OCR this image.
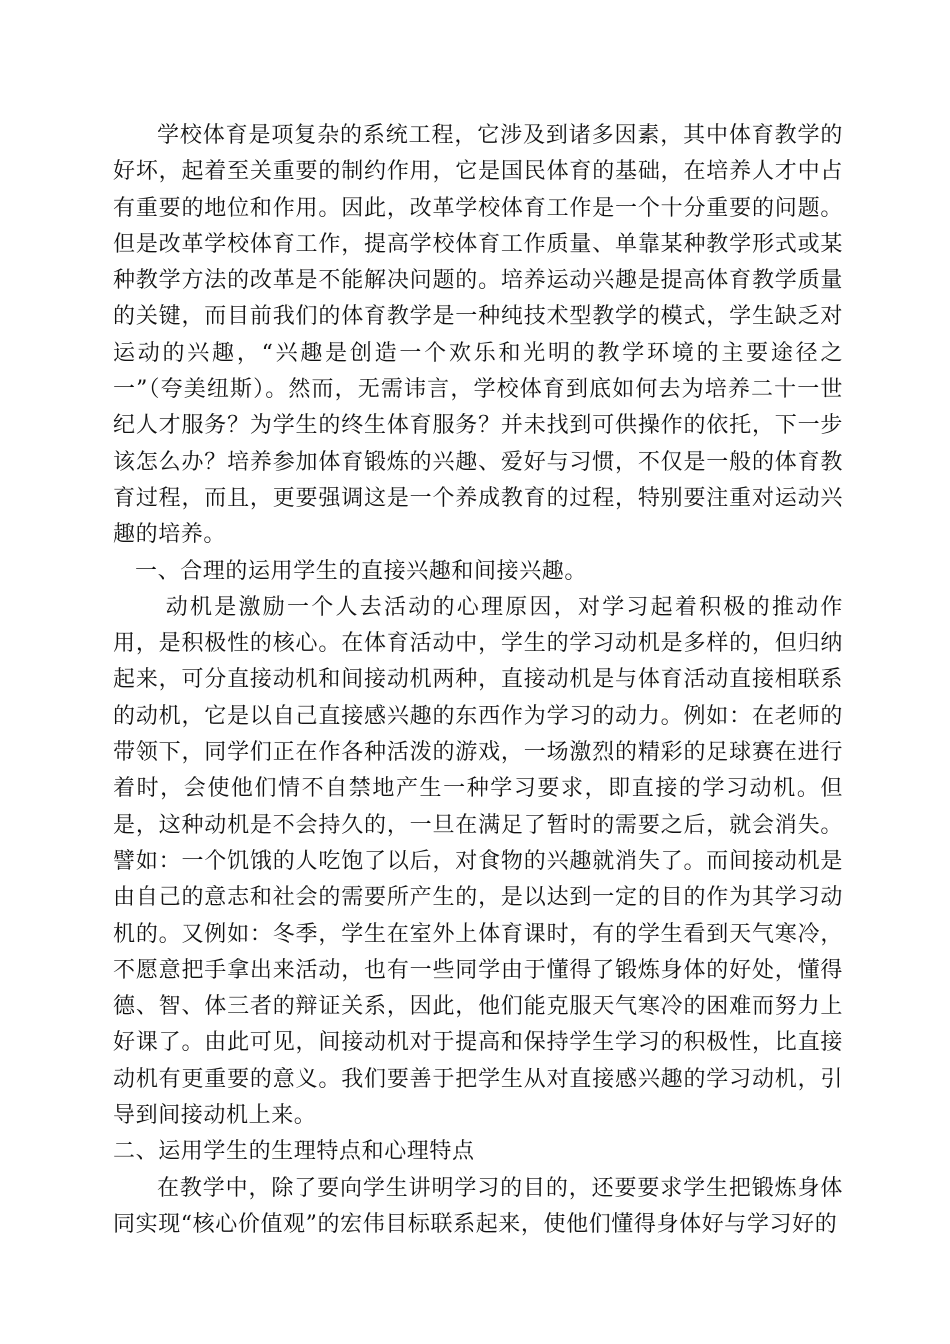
学校体育是项复杂的系统工程，它涉及到诸多因素，其中体育教学的好坏，起着至关重要的制约作用，它是国民体育的基础，在培养人才中占有重要的地位和作用。因此，改革学校体育工作是一个十分重要的问题。但是改革学校体育工作，提高学校体育工作质量、单靠某种教学形式或某种教学方法的改革是不能解决问题的。培养运动兴趣是提高体育教学质量的关键，而目前我们的体育教学是一种纯技术型教学的模式，学生缺乏对运动的兴趣，“兴趣是创造一个欢乐和光明的教学环境的主要途径之一”（夸美纽斯）。然而，无需讳言，学校体育到底如何去为培养二十一世纪人才服务？为学生的终生体育服务？并未找到可供操作的依托，下一步该怎么办？培养参加体育锻炼的兴趣、爱好与习惯，不仅是一般的体育教育过程，而且，更要强调这是一个养成教育的过程，特别要注重对运动兴趣的培养。

一、合理的运用学生的直接兴趣和间接兴趣。

动机是激励一个人去活动的心理原因，对学习起着积极的推动作用，是积极性的核心。在体育活动中，学生的学习动机是多样的，但归纳起来，可分直接动机和间接动机两种，直接动机是与体育活动直接相联系的动机，它是以自己直接感兴趣的东西作为学习的动力。例如：在老师的带领下，同学们正在作各种活泼的游戏，一场激烈的精彩的足球赛在进行着时，会使他们情不自禁地产生一种学习要求，即直接的学习动机。但是，这种动机是不会持久的，一旦在满足了暂时的需要之后，就会消失。譬如：一个饥饿的人吃饱了以后，对食物的兴趣就消失了。而间接动机是由自己的意志和社会的需要所产生的，是以达到一定的目的作为其学习动机的。又例如：冬季，学生在室外上体育课时，有的学生看到天气寒冷，不愿意把手拿出来活动，也有一些同学由于懂得了锻炼身体的好处，懂得德、智、体三者的辩证关系，因此，他们能克服天气寒冷的困难而努力上好课了。由此可见，间接动机对于提高和保持学生学习的积极性，比直接动机有更重要的意义。我们要善于把学生从对直接感兴趣的学习动机，引导到间接动机上来。

二、运用学生的生理特点和心理特点

在教学中，除了要向学生讲明学习的目的，还要要求学生把锻炼身体同实现“核心价值观”的宏伟目标联系起来，使他们懂得身体好与学习好的
